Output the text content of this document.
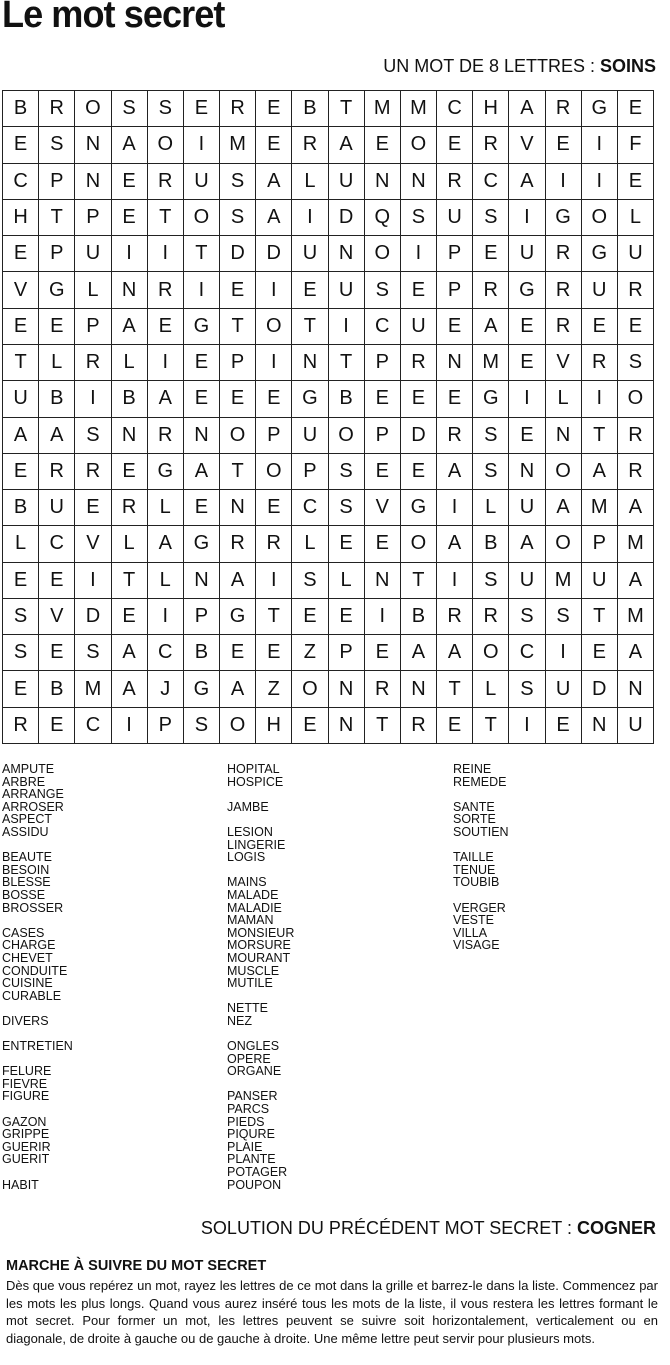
Le mot secret
UN MOT DE 8 LETTRES : SOINS
B	R	O	S	S	E	R	E	B	T	M M	C	H	A	R	G	E
E	S	N	A	O	I	M	E	R	A	E	O	E	R	V	E	I	F
C	P	N	E	R	U	S	A	L	U	N	N	R	C	A	I	I	E
H	T	P	E	T	O	S	A	I	D	Q	S	U	S	I	G	O	L
E	P	U	I	I	T	D	D	U	N	O	I	P	E	U	R	G	U
V	G	L	N	R	I	E	I	E	U	S	E	P	R	G	R	U	R
E	E	P	A	E	G	T	O	T	I	C	U	E	A	E	R	E	E
T	L	R	L	I	E	P	I	N	T	P	R	N	M	E	V	R	S
U	B	I	B	A	E	E	E	G	B	E	E	E	G	I	L	I	O
A	A	S	N	R	N	O	P	U	O	P	D	R	S	E	N	T	R
E	R	R	E	G	A	T	O	P	S	E	E	A	S	N	O	A	R
B	U	E	R	L	E	N	E	C	S	V	G	I	L	U	A	M	A
L	C	V	L	A	G	R	R	L	E	E	O	A	B	A	O	P	M
E	E	I	T	L	N	A	I	S	L	N	T	I	S	U	M	U	A
S	V	D	E	I	P	G	T	E	E	I	B	R	R	S	S	T	M
S	E	S	A	C	B	E	E	Z	P	E	A	A	O	C	I	E	A
E	B	M	A	J	G	A	Z	O	N	R	N	T	L	S	U	D	N
R	E	C	I	P	S	O	H	E	N	T	R	E	T	I	E	N	U
AMPUTE
ARBRE
ARRANGE
ARROSER
ASPECT
ASSIDU
BEAUTE
BESOIN
BLESSE
BOSSE
BROSSER
CASES
CHARGE
CHEVET
CONDUITE
CUISINE
CURABLE
DIVERS
ENTRETIEN
FELURE
FIEVRE
FIGURE
GAZON
GRIPPE
GUERIR
GUERIT
HABIT
HOPITAL
HOSPICE
JAMBE
LESION
LINGERIE
LOGIS
MAINS
MALADE
MALADIE
MAMAN
MONSIEUR
MORSURE
MOURANT
MUSCLE
MUTILE
NETTE
NEZ
ONGLES
OPERE
ORGANE
PANSER
PARCS
PIEDS
PIQURE
PLAIE
PLANTE
POTAGER
POUPON
REINE
REMEDE
SANTE
SORTE
SOUTIEN
TAILLE
TENUE
TOUBIB
VERGER
VESTE
VILLA
VISAGE
SOLUTION DU PRÉCÉDENT MOT SECRET : COGNER
MARCHE À SUIVRE DU MOT SECRET
Dès que vous repérez un mot, rayez les lettres de ce mot dans la grille et barrez-le dans la liste. Commencez par les mots les plus longs. Quand vous aurez inséré tous les mots de la liste, il vous restera les lettres formant le mot secret. Pour former un mot, les lettres peuvent se suivre soit horizontalement, verticalement ou en diagonale, de droite à gauche ou de gauche à droite. Une même lettre peut servir pour plusieurs mots.
